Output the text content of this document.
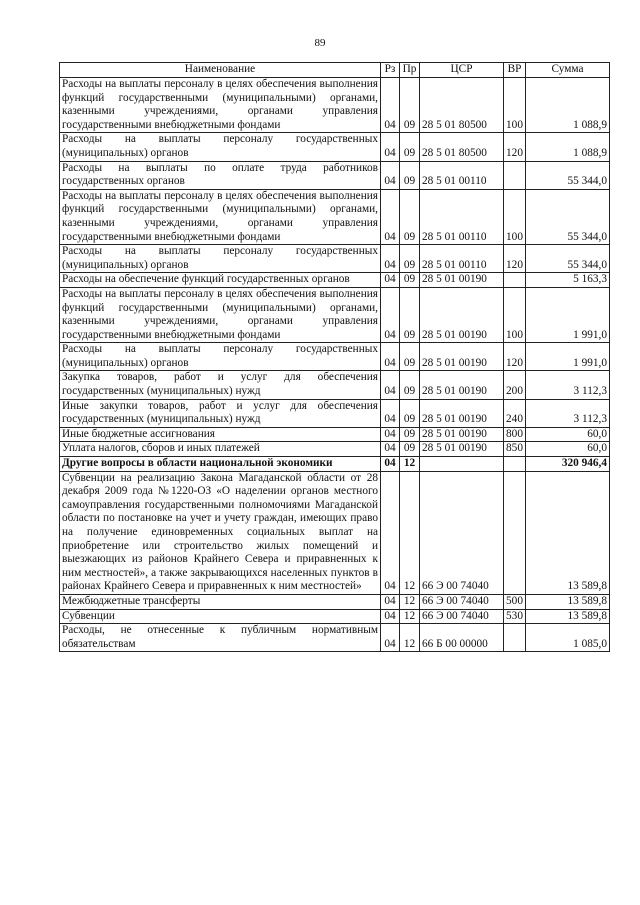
89
Наименование	Рз	Пр	ЦСР	ВР	Сумма
Расходы на выплаты персоналу в целях обеспечения выполнения функций государственными (муниципальными) органами, казенными учреждениями, органами управления государственными внебюджетными фондами	04	09	28 5 01 80500	100	1 088,9
Расходы на выплаты персоналу государственных (муниципальных) органов	04	09	28 5 01 80500	120	1 088,9
Расходы на выплаты по оплате труда работников государственных органов	04	09	28 5 01 00110		55 344,0
Расходы на выплаты персоналу в целях обеспечения выполнения функций государственными (муниципальными) органами, казенными учреждениями, органами управления государственными внебюджетными фондами	04	09	28 5 01 00110	100	55 344,0
Расходы на выплаты персоналу государственных (муниципальных) органов	04	09	28 5 01 00110	120	55 344,0
Расходы на обеспечение функций государственных органов	04	09	28 5 01 00190		5 163,3
Расходы на выплаты персоналу в целях обеспечения выполнения функций государственными (муниципальными) органами, казенными учреждениями, органами управления государственными внебюджетными фондами	04	09	28 5 01 00190	100	1 991,0
Расходы на выплаты персоналу государственных (муниципальных) органов	04	09	28 5 01 00190	120	1 991,0
Закупка товаров, работ и услуг для обеспечения государственных (муниципальных) нужд	04	09	28 5 01 00190	200	3 112,3
Иные закупки товаров, работ и услуг для обеспечения государственных (муниципальных) нужд	04	09	28 5 01 00190	240	3 112,3
Иные бюджетные ассигнования	04	09	28 5 01 00190	800	60,0
Уплата налогов, сборов и иных платежей	04	09	28 5 01 00190	850	60,0
Другие вопросы в области национальной экономики	04	12			320 946,4
Субвенции на реализацию Закона Магаданской области от 28 декабря 2009 года №1220-ОЗ «О наделении органов местного самоуправления государственными полномочиями Магаданской области по постановке на учет и учету граждан, имеющих право на получение единовременных социальных выплат на приобретение или строительство жилых помещений и выезжающих из районов Крайнего Севера и приравненных к ним местностей», а также закрывающихся населенных пунктов в районах Крайнего Севера и приравненных к ним местностей»	04	12	66 Э 00 74040		13 589,8
Межбюджетные трансферты	04	12	66 Э 00 74040	500	13 589,8
Субвенции	04	12	66 Э 00 74040	530	13 589,8
Расходы, не отнесенные к публичным нормативным обязательствам	04	12	66 Б 00 00000		1 085,0
